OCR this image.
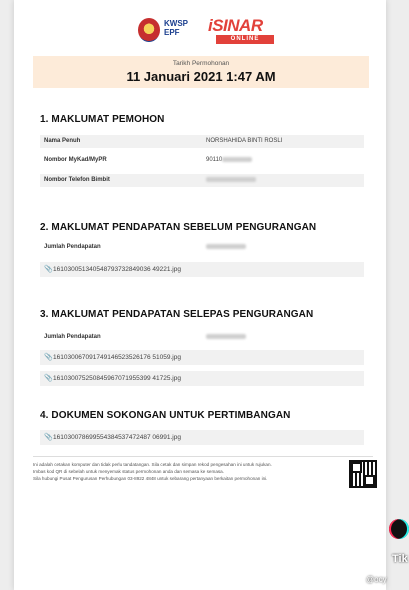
KWSP
EPF	iSINAR
ONLINE
Tarikh Permohonan
11 Januari 2021 1:47 AM
1. MAKLUMAT PEMOHON
Nama Penuh	NORSHAHIDA BINTI ROSLI
Nombor MyKad/MyPR	90110
Nombor Telefon Bimbit
2. MAKLUMAT PENDAPATAN SEBELUM PENGURANGAN
Jumlah Pendapatan
📎 161030051340548793732849036 49221.jpg
3. MAKLUMAT PENDAPATAN SELEPAS PENGURANGAN
Jumlah Pendapatan
📎 161030067091749146523526176 51059.jpg
📎 161030075250845967071955399 41725.jpg
4. DOKUMEN SOKONGAN UNTUK PERTIMBANGAN
📎 161030078699554384537472487 06991.jpg
Ini adalah cetakan komputer dan tidak perlu tandatangan. Sila cetak dan simpan rekod pengesahan ini untuk rujukan.
Imbas kod QR di sebelah untuk menyemak status permohonan anda dan semasa ke semasa.
Sila hubungi Pusat Pengurusan Perhubungan 03-8922 4848 untuk sebarang pertanyaan berkaitan permohonan ini.
Tik
@ocy
